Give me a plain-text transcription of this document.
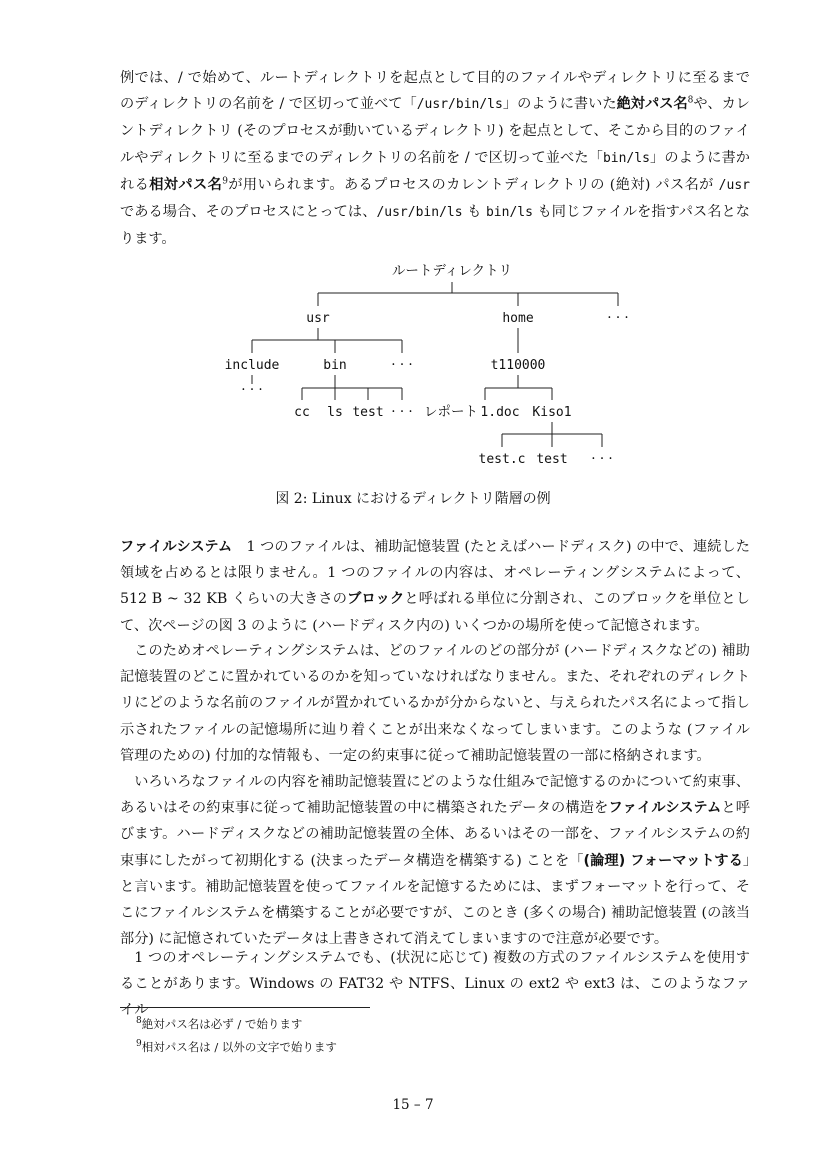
例では、/ で始めて、ルートディレクトリを起点として目的のファイルやディレクトリに至るまでのディレクトリの名前を / で区切って並べて「/usr/bin/ls」のように書いた絶対パス名$^8$や、カレントディレクトリ (そのプロセスが動いているディレクトリ) を起点として、そこから目的のファイルやディレクトリに至るまでのディレクトリの名前を / で区切って並べた「bin/ls」のように書かれる相対パス名$^9$が用いられます。あるプロセスのカレントディレクトリの (絶対) パス名が /usr である場合、そのプロセスにとっては、/usr/bin/ls も bin/ls も同じファイルを指すパス名となります。

ルートディレクトリ
usr	home	· · ·
include	bin	· · ·
· · ·
t110000
cc ls test · · · レポート 1.doc Kiso1
test.c test · · ·

図 2: Linux におけるディレクトリ階層の例

ファイルシステム　1 つのファイルは、補助記憶装置 (たとえばハードディスク) の中で、連続した領域を占めるとは限りません。1 つのファイルの内容は、オペレーティングシステムによって、512 B ~ 32 KB くらいの大きさのブロックと呼ばれる単位に分割され、このブロックを単位として、次ページの図 3 のように (ハードディスク内の) いくつかの場所を使って記憶されます。

このためオペレーティングシステムは、どのファイルのどの部分が (ハードディスクなどの) 補助記憶装置のどこに置かれているのかを知っていなければなりません。また、それぞれのディレクトリにどのような名前のファイルが置かれているかが分からないと、与えられたパス名によって指し示されたファイルの記憶場所に辿り着くことが出来なくなってしまいます。このような (ファイル管理のための) 付加的な情報も、一定の約束事に従って補助記憶装置の一部に格納されます。

いろいろなファイルの内容を補助記憶装置にどのような仕組みで記憶するのかについて約束事、あるいはその約束事に従って補助記憶装置の中に構築されたデータの構造をファイルシステムと呼びます。ハードディスクなどの補助記憶装置の全体、あるいはその一部を、ファイルシステムの約束事にしたがって初期化する (決まったデータ構造を構築する) ことを「(論理) フォーマットする」と言います。補助記憶装置を使ってファイルを記憶するためには、まずフォーマットを行って、そこにファイルシステムを構築することが必要ですが、このとき (多くの場合) 補助記憶装置 (の該当部分) に記憶されていたデータは上書きされて消えてしまいますので注意が必要です。

1 つのオペレーティングシステムでも、(状況に応じて) 複数の方式のファイルシステムを使用することがあります。Windows の FAT32 や NTFS、Linux の ext2 や ext3 は、このようなファイル

$^8$絶対パス名は必ず / で始ります

$^9$相対パス名は / 以外の文字で始ります

15 – 7
